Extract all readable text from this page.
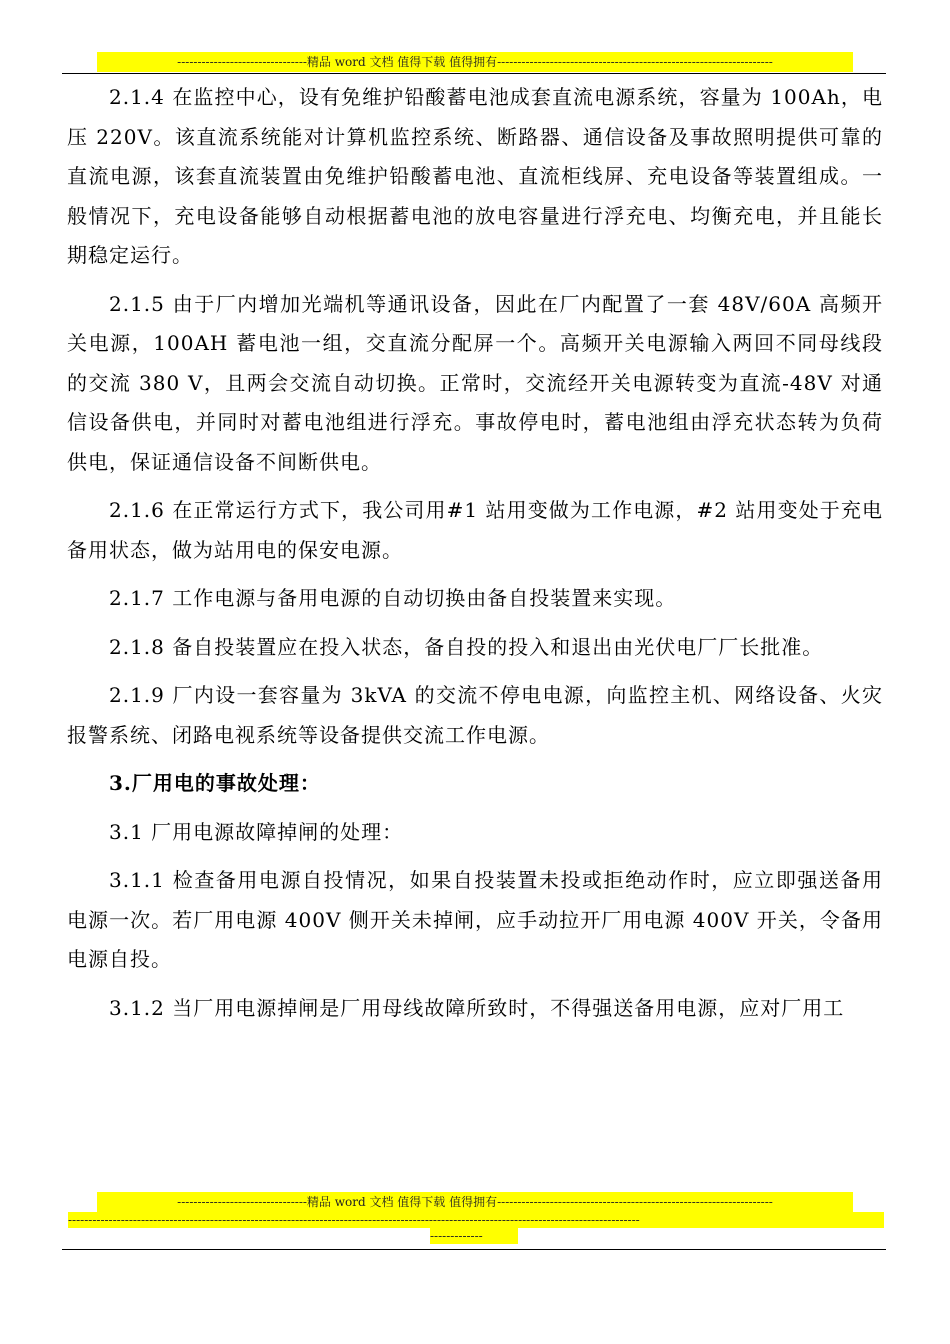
--------------------------------精品 word 文档 值得下载 值得拥有--------------------------------------------------------------------

2.1.4 在监控中心，设有免维护铅酸蓄电池成套直流电源系统，容量为 100Ah，电压 220V。该直流系统能对计算机监控系统、断路器、通信设备及事故照明提供可靠的直流电源，该套直流装置由免维护铅酸蓄电池、直流柜线屏、充电设备等装置组成。一般情况下，充电设备能够自动根据蓄电池的放电容量进行浮充电、均衡充电，并且能长期稳定运行。

2.1.5 由于厂内增加光端机等通讯设备，因此在厂内配置了一套 48V/60A 高频开关电源，100AH 蓄电池一组，交直流分配屏一个。高频开关电源输入两回不同母线段的交流 380 V，且两会交流自动切换。正常时，交流经开关电源转变为直流-48V 对通信设备供电，并同时对蓄电池组进行浮充。事故停电时，蓄电池组由浮充状态转为负荷供电，保证通信设备不间断供电。

2.1.6 在正常运行方式下，我公司用#1 站用变做为工作电源，#2 站用变处于充电备用状态，做为站用电的保安电源。

2.1.7 工作电源与备用电源的自动切换由备自投装置来实现。

2.1.8 备自投装置应在投入状态，备自投的投入和退出由光伏电厂厂长批准。

2.1.9 厂内设一套容量为 3kVA 的交流不停电电源，向监控主机、网络设备、火灾报警系统、闭路电视系统等设备提供交流工作电源。

3.厂用电的事故处理：

3.1 厂用电源故障掉闸的处理：

3.1.1 检查备用电源自投情况，如果自投装置未投或拒绝动作时，应立即强送备用电源一次。若厂用电源 400V 侧开关未掉闸，应手动拉开厂用电源 400V 开关，令备用电源自投。

3.1.2 当厂用电源掉闸是厂用母线故障所致时，不得强送备用电源，应对厂用工

--------------------------------精品 word 文档 值得下载 值得拥有--------------------------------------------------------------------
---------------------------------------------------------------------------------------------------------------------------------------------
-------------
